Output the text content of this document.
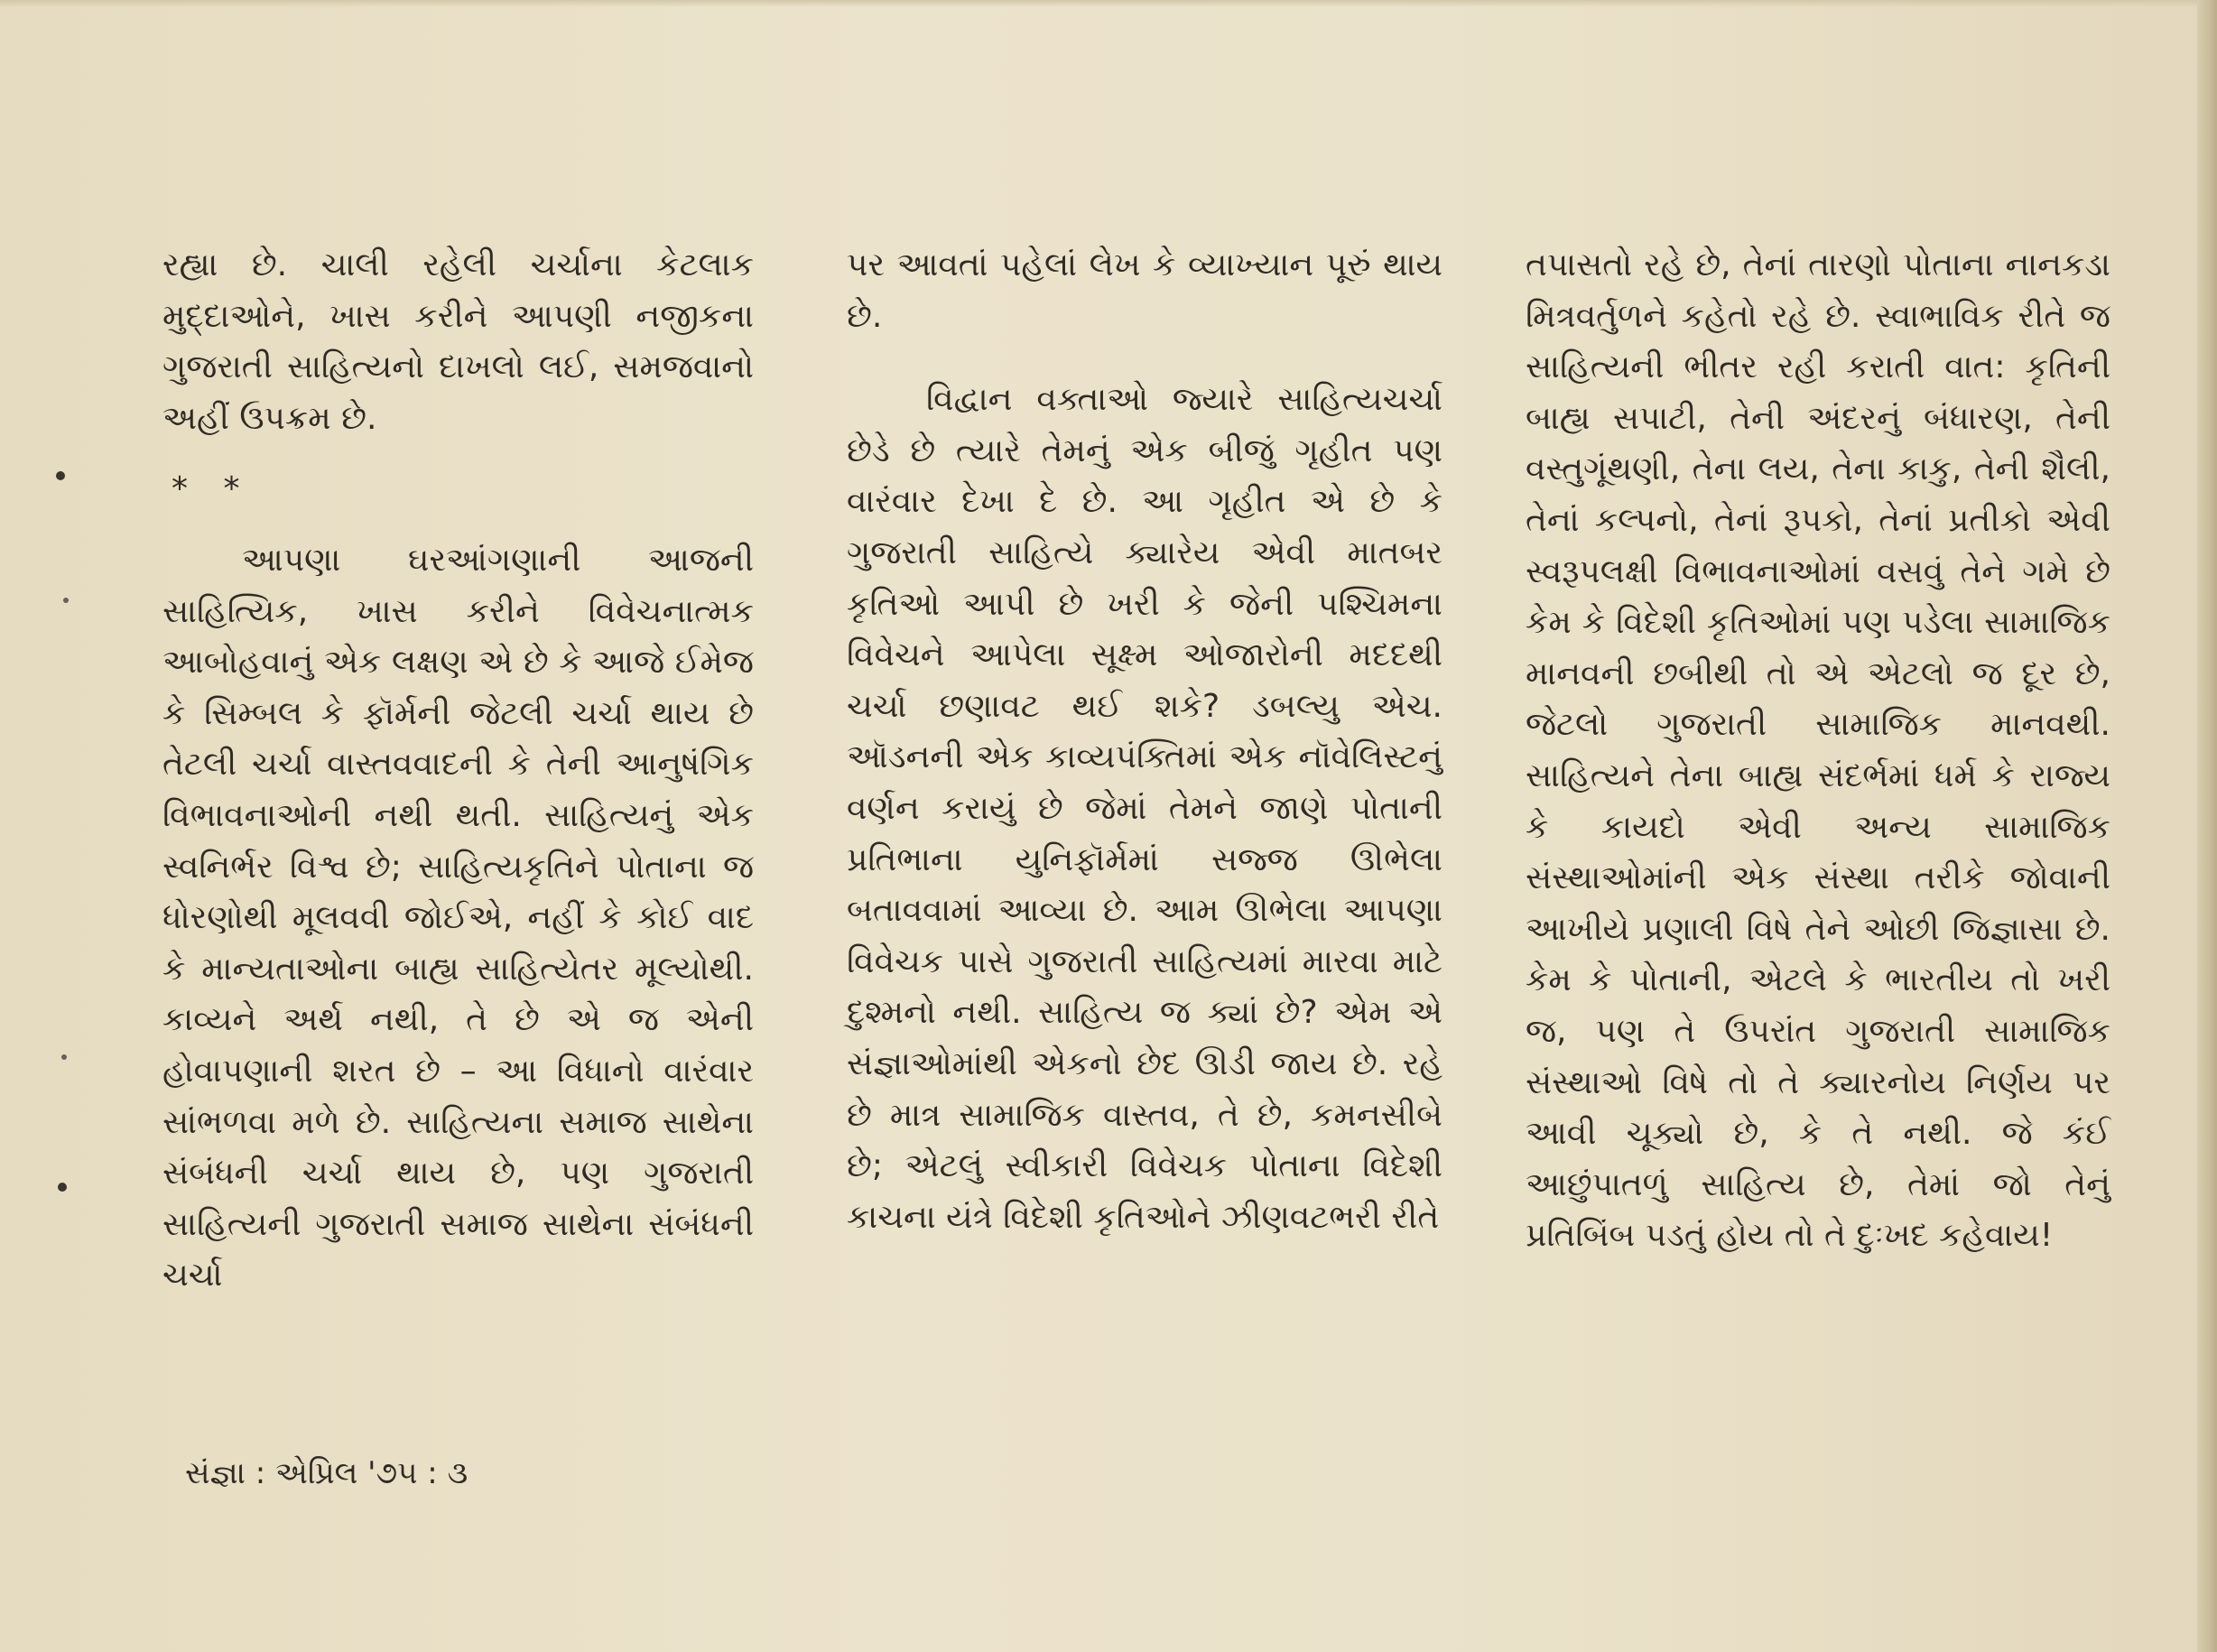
રહ્યા છે. ચાલી રહેલી ચર્ચાના કેટલાક મુદ્દાઓને, ખાસ કરીને આપણી નજીકના ગુજરાતી સાહિત્યનો દાખલો લઈ, સમજવાનો અહીં ઉપક્રમ છે.

* *

આપણા ઘરઆંગણાની આજની સાહિત્યિક, ખાસ કરીને વિવેચનાત્મક આબોહવાનું એક લક્ષણ એ છે કે આજે ઈમેજ કે સિમ્બલ કે ફૉર્મની જેટલી ચર્ચા થાય છે તેટલી ચર્ચા વાસ્તવવાદની કે તેની આનુષંગિક વિભાવનાઓની નથી થતી. સાહિત્યનું એક સ્વનિર્ભર વિશ્વ છે; સાહિત્યકૃતિને પોતાના જ ધોરણોથી મૂલવવી જોઈએ, નહીં કે કોઈ વાદ કે માન્યતાઓના બાહ્ય સાહિત્યેતર મૂલ્યોથી. કાવ્યને અર્થ નથી, તે છે એ જ એની હોવાપણાની શરત છે – આ વિધાનો વારંવાર સાંભળવા મળે છે. સાહિત્યના સમાજ સાથેના સંબંધની ચર્ચા થાય છે, પણ ગુજરાતી સાહિત્યની ગુજરાતી સમાજ સાથેના સંબંધની ચર્ચા

પર આવતાં પહેલાં લેખ કે વ્યાખ્યાન પૂરું થાય છે.

વિદ્વાન વક્તાઓ જ્યારે સાહિત્યચર્ચા છેડે છે ત્યારે તેમનું એક બીજું ગૃહીત પણ વારંવાર દેખા દે છે. આ ગૃહીત એ છે કે ગુજરાતી સાહિત્યે ક્યારેય એવી માતબર કૃતિઓ આપી છે ખરી કે જેની પશ્ચિમના વિવેચને આપેલા સૂક્ષ્મ ઓજારોની મદદથી ચર્ચા છણાવટ થઈ શકે? ડબલ્યુ એચ. ઑડનની એક કાવ્યપંક્તિમાં એક નૉવેલિસ્ટનું વર્ણન કરાયું છે જેમાં તેમને જાણે પોતાની પ્રતિભાના યુનિફૉર્મમાં સજ્જ ઊભેલા બતાવવામાં આવ્યા છે. આમ ઊભેલા આપણા વિવેચક પાસે ગુજરાતી સાહિત્યમાં મારવા માટે દુશ્મનો નથી. સાહિત્ય જ ક્યાં છે? એમ એ સંજ્ઞાઓમાંથી એકનો છેદ ઊડી જાય છે. રહે છે માત્ર સામાજિક વાસ્તવ, તે છે, કમનસીબે છે; એટલું સ્વીકારી વિવેચક પોતાના વિદેશી કાચના યંત્રે વિદેશી કૃતિઓને ઝીણવટભરી રીતે

તપાસતો રહે છે, તેનાં તારણો પોતાના નાનકડા મિત્રવર્તુળને કહેતો રહે છે. સ્વાભાવિક રીતે જ સાહિત્યની ભીતર રહી કરાતી વાત: કૃતિની બાહ્ય સપાટી, તેની અંદરનું બંધારણ, તેની વસ્તુગૂંથણી, તેના લય, તેના કાકુ, તેની શૈલી, તેનાં કલ્પનો, તેનાં રૂપકો, તેનાં પ્રતીકો એવી સ્વરૂપલક્ષી વિભાવનાઓમાં વસવું તેને ગમે છે કેમ કે વિદેશી કૃતિઓમાં પણ પડેલા સામાજિક માનવની છબીથી તો એ એટલો જ દૂર છે, જેટલો ગુજરાતી સામાજિક માનવથી. સાહિત્યને તેના બાહ્ય સંદર્ભમાં ધર્મ કે રાજ્ય કે કાયદો એવી અન્ય સામાજિક સંસ્થાઓમાંની એક સંસ્થા તરીકે જોવાની આખીયે પ્રણાલી વિષે તેને ઓછી જિજ્ઞાસા છે. કેમ કે પોતાની, એટલે કે ભારતીય તો ખરી જ, પણ તે ઉપરાંત ગુજરાતી સામાજિક સંસ્થાઓ વિષે તો તે ક્યારનોય નિર્ણય પર આવી ચૂક્યો છે, કે તે નથી. જે કંઈ આછુંપાતળું સાહિત્ય છે, તેમાં જો તેનું પ્રતિબિંબ પડતું હોય તો તે દુઃખદ કહેવાય!

સંજ્ઞા : એપ્રિલ '૭૫ : ૩
